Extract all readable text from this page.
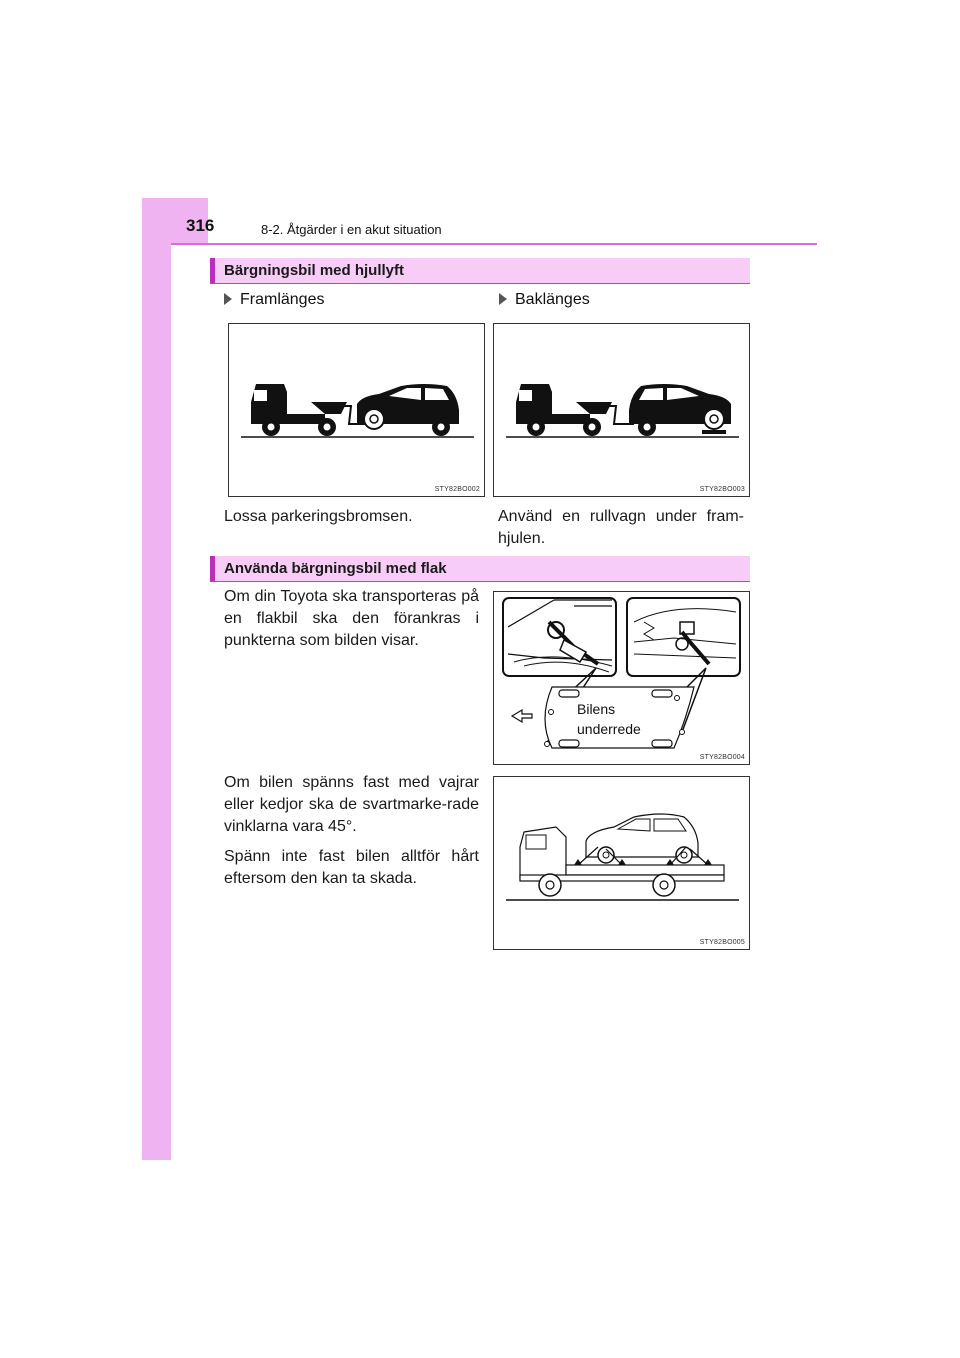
316	8-2. Åtgärder i en akut situation
Bärgningsbil med hjullyft
Framlänges	Baklänges
STY82BO002	STY82BO003
Lossa parkeringsbromsen.	Använd en rullvagn under fram-hjulen.
Använda bärgningsbil med flak

Om din Toyota ska transporteras på en flakbil ska den förankras i punkterna som bilden visar.

Bilens
underrede
STY82BO004

Om bilen spänns fast med vajrar eller kedjor ska de svartmarke-rade vinklarna vara 45°.

Spänn inte fast bilen alltför hårt eftersom den kan ta skada.

STY82BO005
